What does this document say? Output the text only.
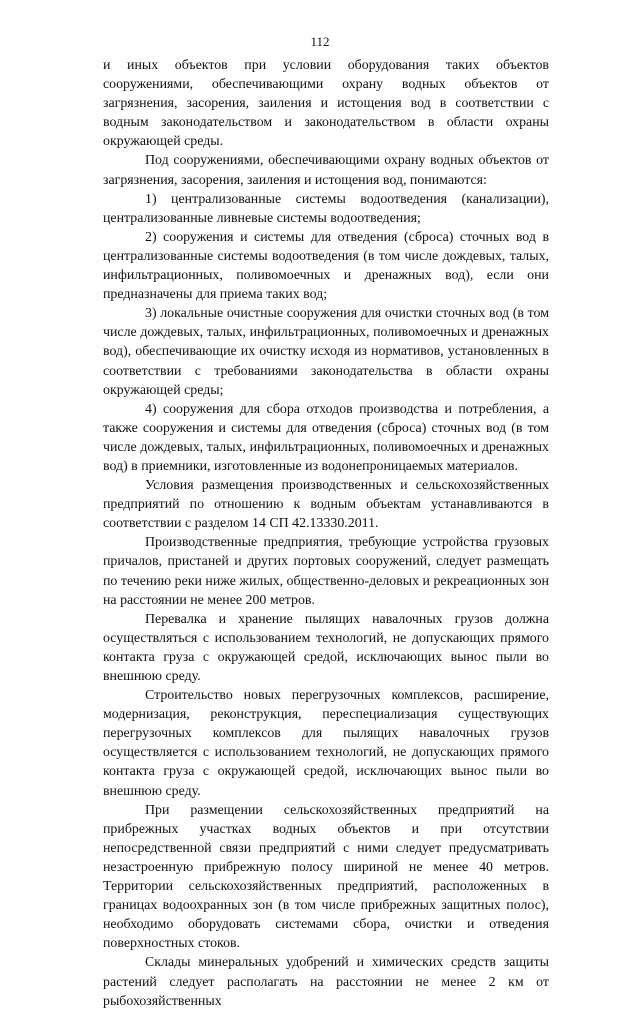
112

и иных объектов при условии оборудования таких объектов сооружениями, обеспечивающими охрану водных объектов от загрязнения, засорения, заиления и истощения вод в соответствии с водным законодательством и законодательством в области охраны окружающей среды.

Под сооружениями, обеспечивающими охрану водных объектов от загрязнения, засорения, заиления и истощения вод, понимаются:

1) централизованные системы водоотведения (канализации), централизованные ливневые системы водоотведения;

2) сооружения и системы для отведения (сброса) сточных вод в централизованные системы водоотведения (в том числе дождевых, талых, инфильтрационных, поливомоечных и дренажных вод), если они предназначены для приема таких вод;

3) локальные очистные сооружения для очистки сточных вод (в том числе дождевых, талых, инфильтрационных, поливомоечных и дренажных вод), обеспечивающие их очистку исходя из нормативов, установленных в соответствии с требованиями законодательства в области охраны окружающей среды;

4) сооружения для сбора отходов производства и потребления, а также сооружения и системы для отведения (сброса) сточных вод (в том числе дождевых, талых, инфильтрационных, поливомоечных и дренажных вод) в приемники, изготовленные из водонепроницаемых материалов.

Условия размещения производственных и сельскохозяйственных предприятий по отношению к водным объектам устанавливаются в соответствии с разделом 14 СП 42.13330.2011.

Производственные предприятия, требующие устройства грузовых причалов, пристаней и других портовых сооружений, следует размещать по течению реки ниже жилых, общественно-деловых и рекреационных зон на расстоянии не менее 200 метров.

Перевалка и хранение пылящих навалочных грузов должна осуществляться с использованием технологий, не допускающих прямого контакта груза с окружающей средой, исключающих вынос пыли во внешнюю среду.

Строительство новых перегрузочных комплексов, расширение, модернизация, реконструкция, переспециализация существующих перегрузочных комплексов для пылящих навалочных грузов осуществляется с использованием технологий, не допускающих прямого контакта груза с окружающей средой, исключающих вынос пыли во внешнюю среду.

При размещении сельскохозяйственных предприятий на прибрежных участках водных объектов и при отсутствии непосредственной связи предприятий с ними следует предусматривать незастроенную прибрежную полосу шириной не менее 40 метров. Территории сельскохозяйственных предприятий, расположенных в границах водоохранных зон (в том числе прибрежных защитных полос), необходимо оборудовать системами сбора, очистки и отведения поверхностных стоков.

Склады минеральных удобрений и химических средств защиты растений следует располагать на расстоянии не менее 2 км от рыбохозяйственных
